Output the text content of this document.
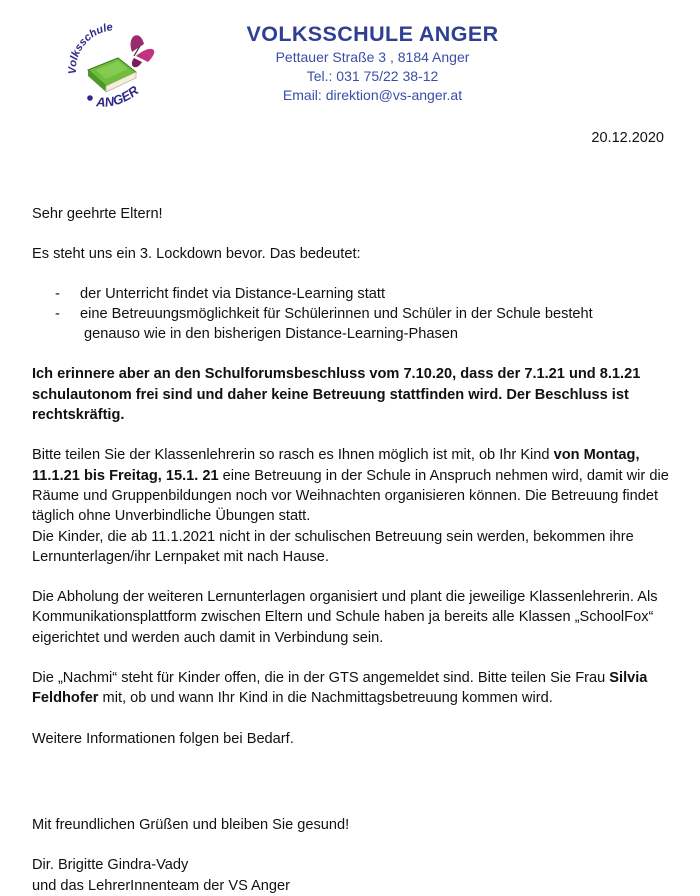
Volksschule
ANGER
VOLKSSCHULE ANGER
Pettauer Straße 3 , 8184 Anger
Tel.: 031 75/22 38-12
Email: direktion@vs-anger.at
20.12.2020

Sehr geehrte Eltern!

Es steht uns ein 3. Lockdown bevor. Das bedeutet:

- der Unterricht findet via Distance-Learning statt
- eine Betreuungsmöglichkeit für Schülerinnen und Schüler in der Schule besteht
genauso wie in den bisherigen Distance-Learning-Phasen

Ich erinnere aber an den Schulforumsbeschluss vom 7.10.20, dass der 7.1.21 und 8.1.21 schulautonom frei sind und daher keine Betreuung stattfinden wird. Der Beschluss ist rechtskräftig.

Bitte teilen Sie der Klassenlehrerin so rasch es Ihnen möglich ist mit, ob Ihr Kind von Montag, 11.1.21 bis Freitag, 15.1. 21 eine Betreuung in der Schule in Anspruch nehmen wird, damit wir die Räume und Gruppenbildungen noch vor Weihnachten organisieren können. Die Betreuung findet täglich ohne Unverbindliche Übungen statt.

Die Kinder, die ab 11.1.2021 nicht in der schulischen Betreuung sein werden, bekommen ihre Lernunterlagen/ihr Lernpaket mit nach Hause.

Die Abholung der weiteren Lernunterlagen organisiert und plant die jeweilige Klassenlehrerin. Als Kommunikationsplattform zwischen Eltern und Schule haben ja bereits alle Klassen „SchoolFox“ eigerichtet und werden auch damit in Verbindung sein.

Die „Nachmi“ steht für Kinder offen, die in der GTS angemeldet sind. Bitte teilen Sie Frau Silvia Feldhofer mit, ob und wann Ihr Kind in die Nachmittagsbetreuung kommen wird.

Weitere Informationen folgen bei Bedarf.

Mit freundlichen Grüßen und bleiben Sie gesund!

Dir. Brigitte Gindra-Vady

und das LehrerInnenteam der VS Anger
